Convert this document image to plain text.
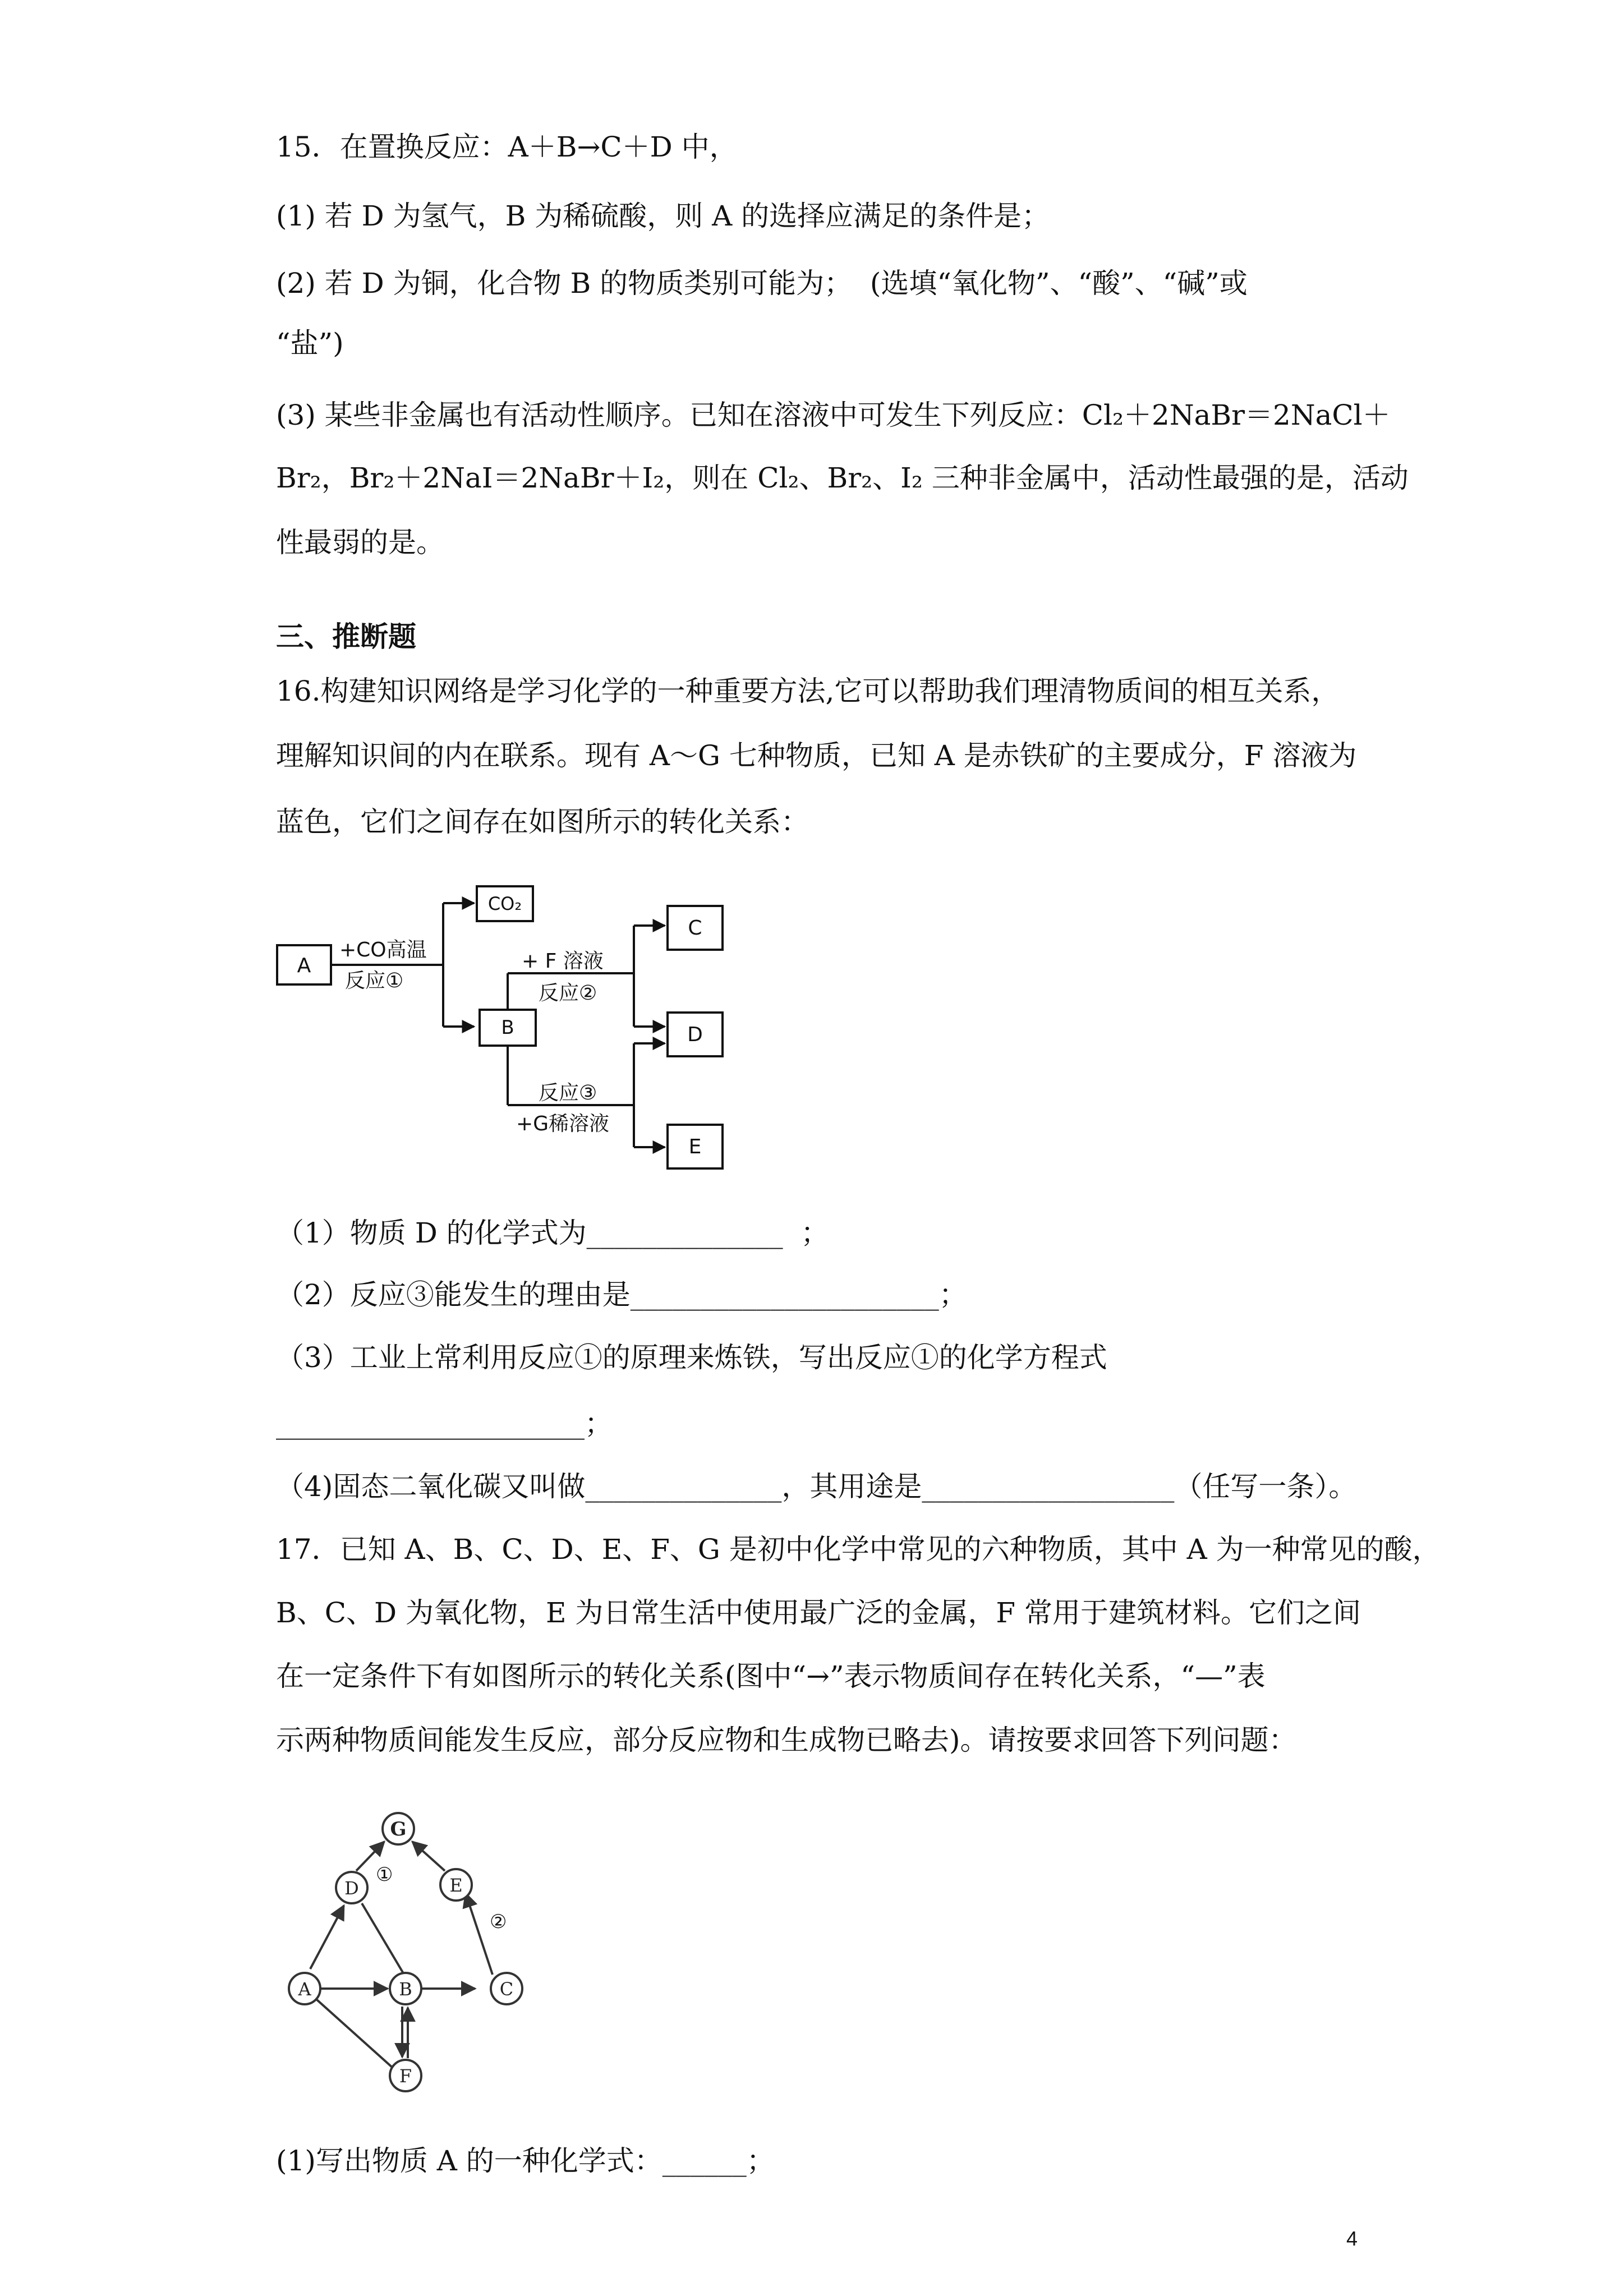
15．在置换反应：A＋B→C＋D 中，
(1) 若 D 为氢气，B 为稀硫酸，则 A 的选择应满足的条件是；
(2) 若 D 为铜，化合物 B 的物质类别可能为；  (选填“氧化物”、“酸”、“碱”或
“盐”)
(3) 某些非金属也有活动性顺序。已知在溶液中可发生下列反应：Cl₂＋2NaBr＝2NaCl＋
Br₂，Br₂＋2NaI＝2NaBr＋I₂，则在 Cl₂、Br₂、I₂ 三种非金属中，活动性最强的是，活动
性最弱的是。
三、推断题
16.构建知识网络是学习化学的一种重要方法,它可以帮助我们理清物质间的相互关系，
理解知识间的内在联系。现有 A～G 七种物质，已知 A 是赤铁矿的主要成分，F 溶液为
蓝色，它们之间存在如图所示的转化关系：
A
CO₂
B
C
D
E
+CO高温
反应①
+ F 溶液
反应②
反应③
+G稀溶液
（1）物质 D 的化学式为______________  ；
（2）反应③能发生的理由是______________________；
（3）工业上常利用反应①的原理来炼铁，写出反应①的化学方程式
______________________；
（4)固态二氧化碳又叫做______________，其用途是__________________（任写一条）。
17．已知 A、B、C、D、E、F、G 是初中化学中常见的六种物质，其中 A 为一种常见的酸，
B、C、D 为氧化物，E 为日常生活中使用最广泛的金属，F 常用于建筑材料。它们之间
在一定条件下有如图所示的转化关系(图中“→”表示物质间存在转化关系，“—”表
示两种物质间能发生反应，部分反应物和生成物已略去)。请按要求回答下列问题：
G
D	E
A	B	C
F
①
②
(1)写出物质 A 的一种化学式：______；
4
